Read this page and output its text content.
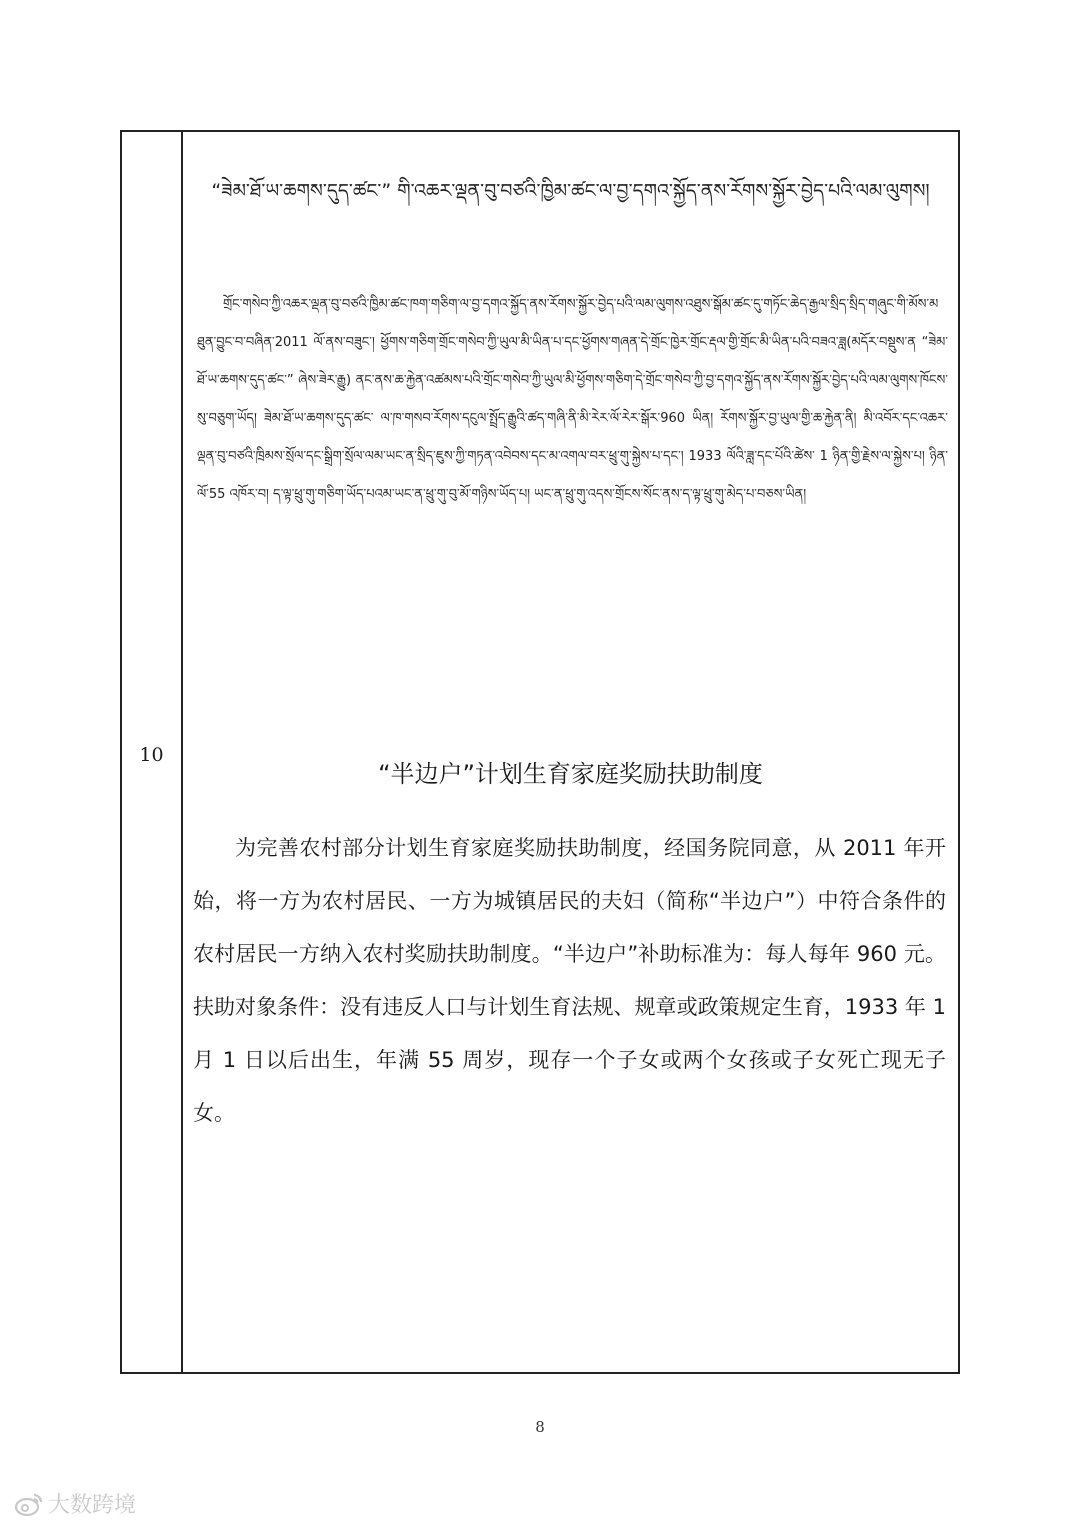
10
“ཟེམ་ཐོ་ཡ་ཆགས་དུད་ཚང་” གི་འཆར་ལྡན་བུ་བཙའི་ཁྱིམ་ཚང་ལ་བྱ་དགའ་སྐྱོད་ནས་རོགས་སྐྱོར་བྱེད་པའི་ལམ་ལུགས།
གྲོང་གསེབ་ཀྱི་འཆར་ལྡན་བུ་བཙའི་ཁྱིམ་ཚང་ཁག་གཅིག་ལ་བྱ་དགའ་སྐྱོད་ནས་རོགས་སྐྱོར་བྱེད་པའི་ལམ་ལུགས་འཐུས་སྒོམ་ཚང་དུ་གཏོང་ཆེད་རྒྱལ་སྲིད་སྲིད་གཞུང་གི་མོས་མཐུན་བྱུང་བ་བཞིན་2011 ལོ་ནས་བཟུང་། ཕྱོགས་གཅིག་གྲོང་གསེབ་ཀྱི་ཡུལ་མི་ཡིན་པ་དང་ཕྱོགས་གཞན་དེ་གྲོང་ཁྱེར་གྲོང་རྡལ་གྱི་གྲོང་མི་ཡིན་པའི་བཟའ་ཟླ(མདོར་བསྡུས་ན “ཟེམ་ཐོ་ཡ་ཆགས་དུད་ཚང་” ཞེས་ཟེར་རྒྱུ) ནང་ནས་ཆ་རྐྱེན་འཚམས་པའི་གྲོང་གསེབ་ཀྱི་ཡུལ་མི་ཕྱོགས་གཅིག་དེ་གྲོང་གསེབ་ཀྱི་བྱ་དགའ་སྐྱོད་ནས་རོགས་སྐྱོར་བྱེད་པའི་ལམ་ལུགས་ཁོངས་སུ་བཅུག་ཡོད། ཟེམ་ཐོ་ཡ་ཆགས་དུད་ཚང་ ལ་ཁ་གསབ་རོགས་དངུལ་སྤྲོད་རྒྱུའི་ཚད་གཞི་ནི་མི་རེར་ལོ་རེར་སྒོར་960 ཡིན། རོགས་སྐྱོར་བྱ་ཡུལ་གྱི་ཆ་རྐྱེན་ནི། མི་འབོར་དང་འཆར་ལྡན་བུ་བཙའི་ཁྲིམས་སྲོལ་དང་སྒྲིག་སྲོལ་ལམ་ཡང་ན་སྲིད་ཇུས་ཀྱི་གཏན་འབེབས་དང་མ་འགལ་བར་ཕྲུ་གུ་སྐྱེས་པ་དང་། 1933 ལོའི་ཟླ་དང་པོའི་ཚེས་ 1 ཉིན་གྱི་རྗེས་ལ་སྐྱེས་པ། ཉིན་ལོ་55 འཁོར་བ། ད་ལྟ་ཕྲུ་གུ་གཅིག་ཡོད་པའམ་ཡང་ན་ཕྲུ་གུ་བུ་མོ་གཉིས་ཡོད་པ། ཡང་ན་ཕྲུ་གུ་འདས་གྲོངས་སོང་ནས་ད་ལྟ་ཕྲུ་གུ་མེད་པ་བཅས་ཡིན།
“半边户”计划生育家庭奖励扶助制度
为完善农村部分计划生育家庭奖励扶助制度，经国务院同意，从 2011 年开始，将一方为农村居民、一方为城镇居民的夫妇（简称“半边户”）中符合条件的农村居民一方纳入农村奖励扶助制度。“半边户”补助标准为：每人每年 960 元。扶助对象条件：没有违反人口与计划生育法规、规章或政策规定生育，1933 年 1 月 1 日以后出生，年满 55 周岁，现存一个子女或两个女孩或子女死亡现无子女。
8
大数跨境
